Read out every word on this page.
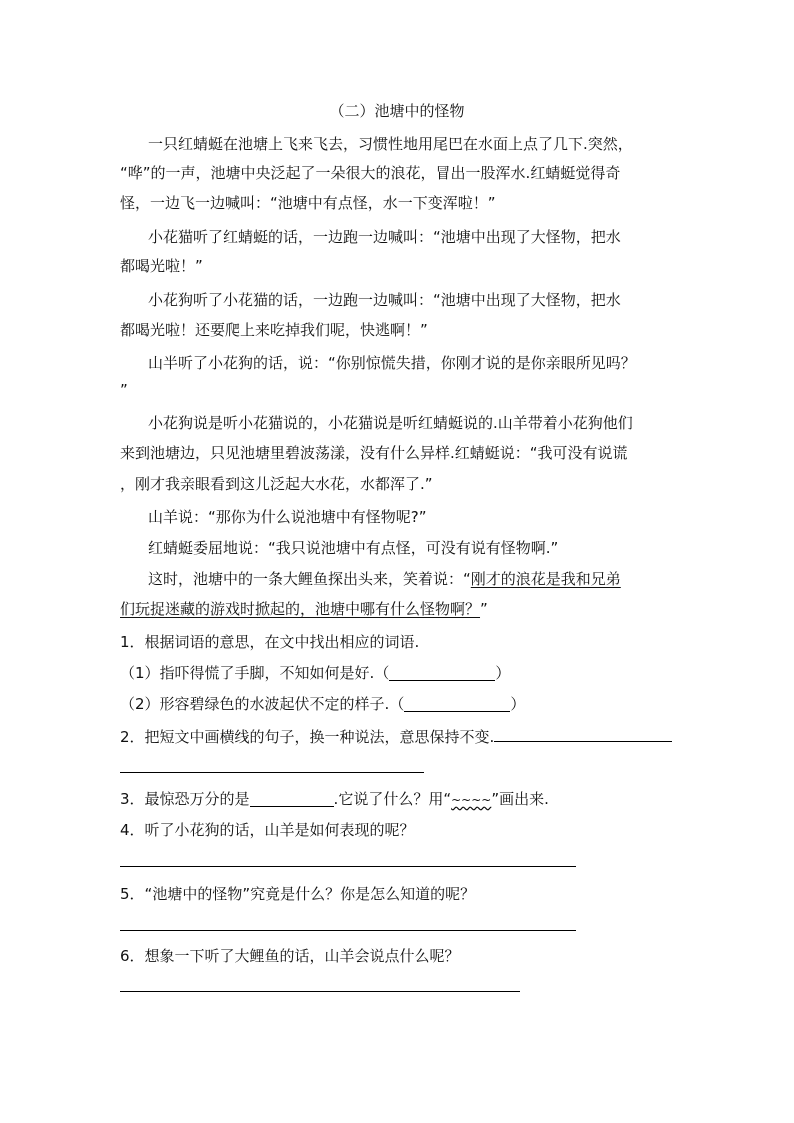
（二）池塘中的怪物
一只红蜻蜓在池塘上飞来飞去，习惯性地用尾巴在水面上点了几下.突然，
“哗”的一声，池塘中央泛起了一朵很大的浪花，冒出一股浑水.红蜻蜓觉得奇
怪，一边飞一边喊叫：“池塘中有点怪，水一下变浑啦！”
小花猫听了红蜻蜓的话，一边跑一边喊叫：“池塘中出现了大怪物，把水
都喝光啦！”
小花狗听了小花猫的话，一边跑一边喊叫：“池塘中出现了大怪物，把水
都喝光啦！还要爬上来吃掉我们呢，快逃啊！”
山半听了小花狗的话，说：“你别惊慌失措，你刚才说的是你亲眼所见吗？
”
小花狗说是听小花猫说的，小花猫说是听红蜻蜓说的.山羊带着小花狗他们
来到池塘边，只见池塘里碧波荡漾，没有什么异样.红蜻蜓说：“我可没有说谎
，刚才我亲眼看到这儿泛起大水花，水都浑了.”
山羊说：“那你为什么说池塘中有怪物呢?”
红蜻蜓委屈地说：“我只说池塘中有点怪，可没有说有怪物啊.”
这时，池塘中的一条大鲤鱼探出头来，笑着说：“刚才的浪花是我和兄弟
们玩捉迷藏的游戏时掀起的，池塘中哪有什么怪物啊？”
1．根据词语的意思，在文中找出相应的词语.
（1）指吓得慌了手脚，不知如何是好.（	）
（2）形容碧绿色的水波起伏不定的样子.（	）
2．把短文中画横线的句子，换一种说法，意思保持不变.
3．最惊恐万分的是	.它说了什么？用“~~~~”画出来.
4．听了小花狗的话，山羊是如何表现的呢？
5．“池塘中的怪物”究竟是什么？你是怎么知道的呢？
6．想象一下听了大鲤鱼的话，山羊会说点什么呢？
